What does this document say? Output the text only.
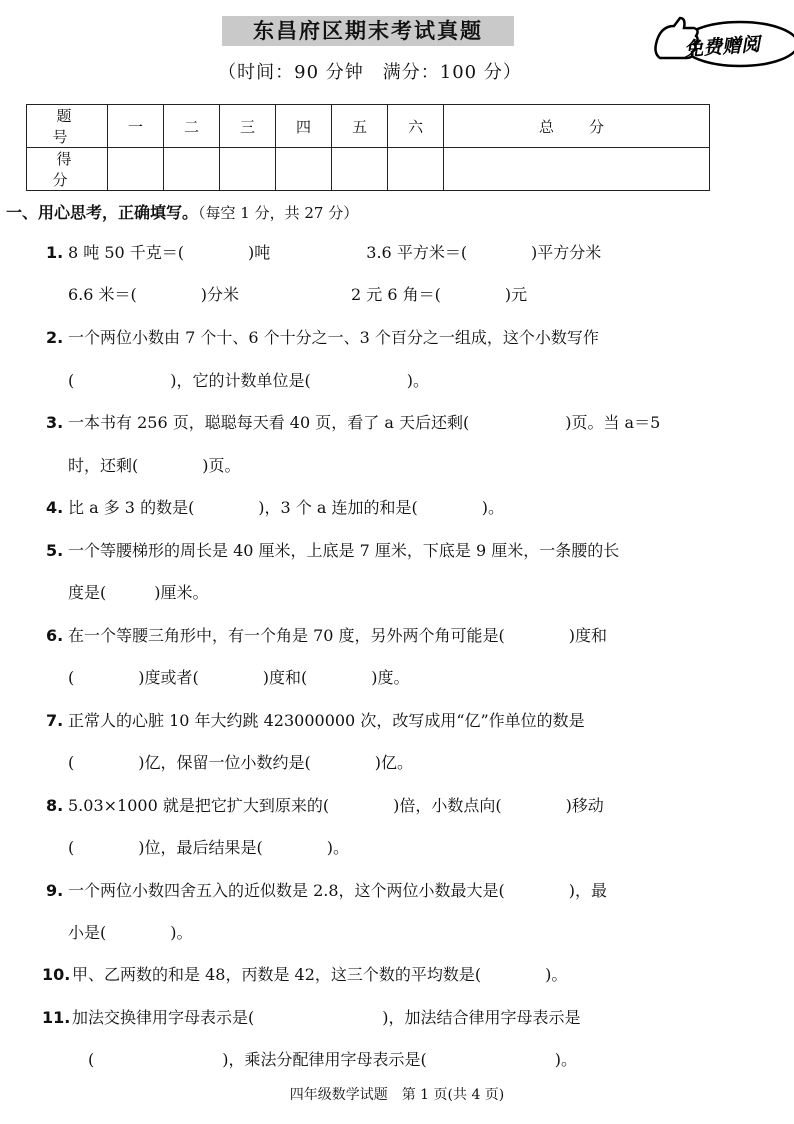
东昌府区期末考试真题
（时间：90 分钟　满分：100 分）
免费赠阅
题　号	一	二	三	四	五	六	总　分
得　分							
一、用心思考，正确填写。（每空 1 分，共 27 分）
1. 8 吨 50 千克＝(　　　　)吨　　　　　　3.6 平方米＝(　　　　)平方分米
6.6 米＝(　　　　)分米　　　　　　　2 元 6 角＝(　　　　)元
2. 一个两位小数由 7 个十、6 个十分之一、3 个百分之一组成，这个小数写作
(　　　　　　)，它的计数单位是(　　　　　　)。
3. 一本书有 256 页，聪聪每天看 40 页，看了 a 天后还剩(　　　　　　)页。当 a＝5
时，还剩(　　　　)页。
4. 比 a 多 3 的数是(　　　　)，3 个 a 连加的和是(　　　　)。
5. 一个等腰梯形的周长是 40 厘米，上底是 7 厘米，下底是 9 厘米，一条腰的长
度是(　　　)厘米。
6. 在一个等腰三角形中，有一个角是 70 度，另外两个角可能是(　　　　)度和
(　　　　)度或者(　　　　)度和(　　　　)度。
7. 正常人的心脏 10 年大约跳 423000000 次，改写成用“亿”作单位的数是
(　　　　)亿，保留一位小数约是(　　　　)亿。
8. 5.03×1000 就是把它扩大到原来的(　　　　)倍，小数点向(　　　　)移动
(　　　　)位，最后结果是(　　　　)。
9. 一个两位小数四舍五入的近似数是 2.8，这个两位小数最大是(　　　　)，最
小是(　　　　)。
10. 甲、乙两数的和是 48，丙数是 42，这三个数的平均数是(　　　　)。
11. 加法交换律用字母表示是(　　　　　　　　)，加法结合律用字母表示是
　(　　　　　　　　)，乘法分配律用字母表示是(　　　　　　　　)。
四年级数学试题　第 1 页(共 4 页)
